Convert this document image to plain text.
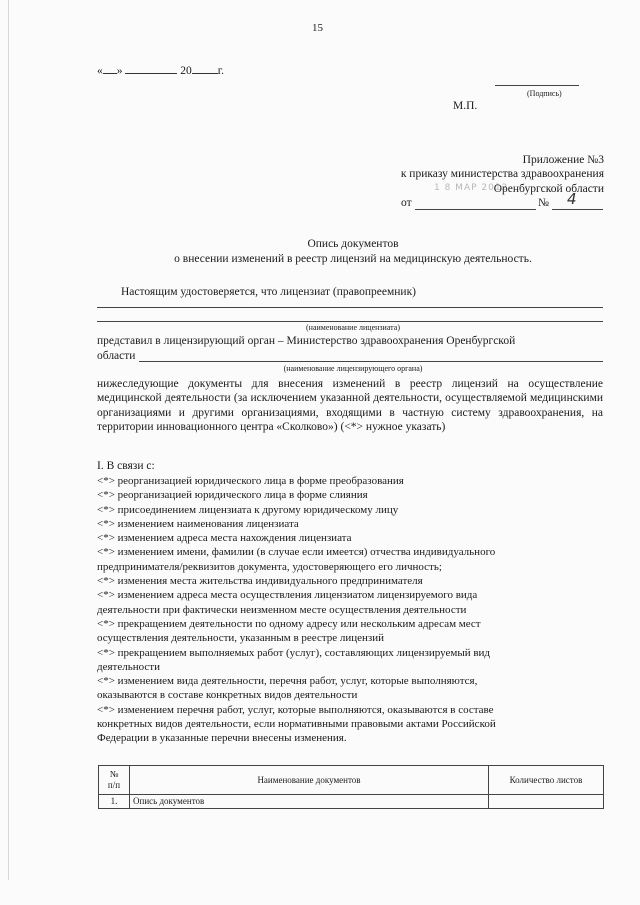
15
« »	20 г.
(Подпись)
М.П.
Приложение №3
к приказу министерства здравоохранения
1 8 МАР 2012
Оренбургской области
от	№ 4
Опись документов
о внесении изменений в реестр лицензий на медицинскую деятельность.
Настоящим удостоверяется, что лицензиат (правопреемник)
(наименование лицензиата)
представил в лицензирующий орган – Министерство здравоохранения Оренбургской
области
(наименование лицензирующего органа)
нижеследующие документы для внесения изменений в реестр лицензий на осуществление медицинской деятельности (за исключением указанной деятельности, осуществляемой медицинскими организациями и другими организациями, входящими в частную систему здравоохранения, на территории инновационного центра «Сколково») (<*> нужное указать)
I. В связи с:
<*> реорганизацией юридического лица в форме преобразования
<*> реорганизацией юридического лица в форме слияния
<*> присоединением лицензиата к другому юридическому лицу
<*> изменением наименования лицензиата
<*> изменением адреса места нахождения лицензиата
<*> изменением имени, фамилии (в случае если имеется) отчества индивидуального
предпринимателя/реквизитов документа, удостоверяющего его личность;
<*> изменения места жительства индивидуального предпринимателя
<*> изменением адреса места осуществления лицензиатом лицензируемого вида
деятельности при фактически неизменном месте осуществления деятельности
<*> прекращением деятельности по одному адресу или нескольким адресам мест
осуществления деятельности, указанным в реестре лицензий
<*> прекращением выполняемых работ (услуг), составляющих лицензируемый вид
деятельности
<*> изменением вида деятельности, перечня работ, услуг, которые выполняются,
оказываются в составе конкретных видов деятельности
<*> изменением перечня работ, услуг, которые выполняются, оказываются в составе
конкретных видов деятельности, если нормативными правовыми актами Российской
Федерации в указанные перечни внесены изменения.
№
п/п	Наименование документов	Количество листов
1.	Опись документов	
